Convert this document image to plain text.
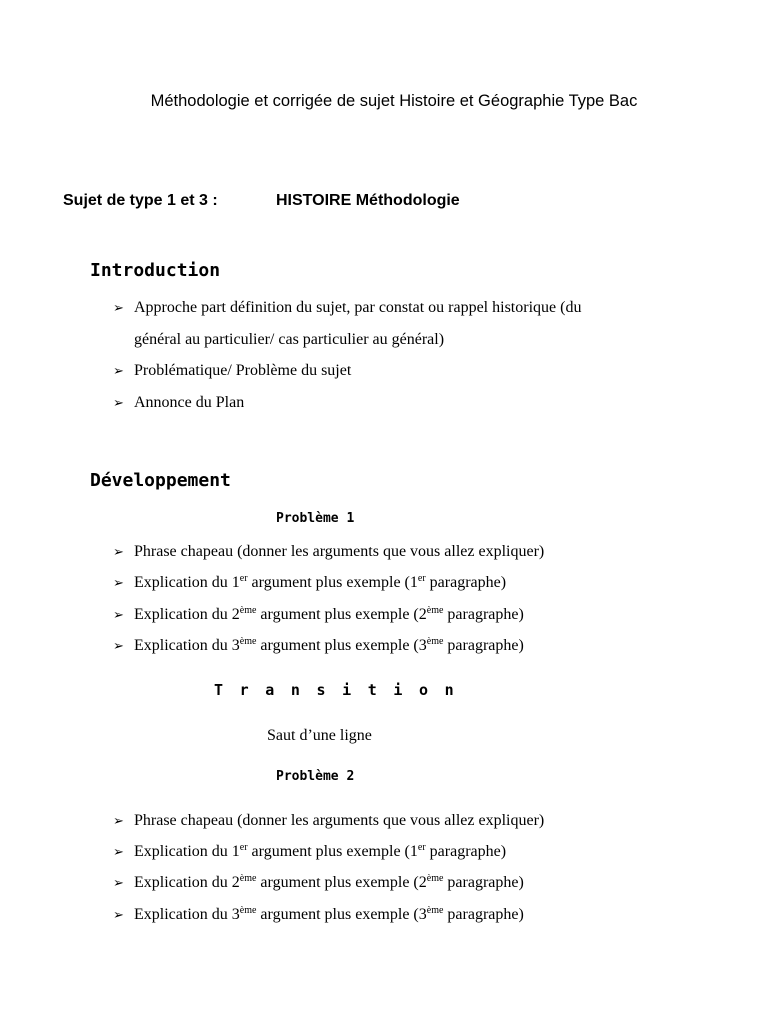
Méthodologie et corrigée de sujet Histoire et Géographie Type Bac
Sujet de type 1 et 3 :	HISTOIRE Méthodologie
Introduction
➢ Approche part définition du sujet, par constat ou rappel historique (du
général au particulier/ cas particulier au général)
➢ Problématique/ Problème du sujet
➢ Annonce du Plan
Développement
Problème 1
➢ Phrase chapeau (donner les arguments que vous allez expliquer)
➢ Explication du 1er argument plus exemple (1er paragraphe)
➢ Explication du 2ème argument plus exemple (2ème paragraphe)
➢ Explication du 3ème argument plus exemple (3ème paragraphe)
Transition
Saut d’une ligne
Problème 2
➢ Phrase chapeau (donner les arguments que vous allez expliquer)
➢ Explication du 1er argument plus exemple (1er paragraphe)
➢ Explication du 2ème argument plus exemple (2ème paragraphe)
➢ Explication du 3ème argument plus exemple (3ème paragraphe)
